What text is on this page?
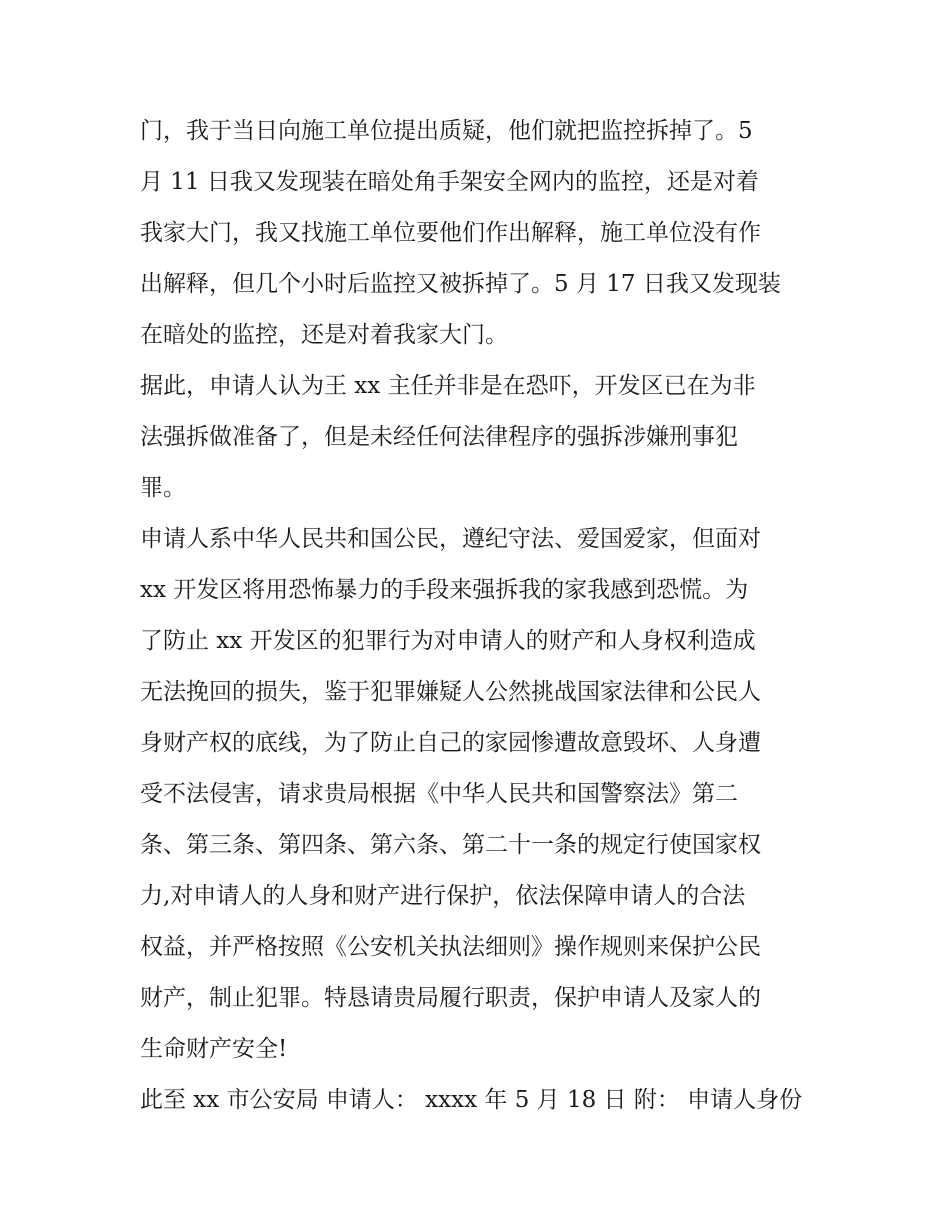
门，我于当日向施工单位提出质疑，他们就把监控拆掉了。5
月 11 日我又发现装在暗处角手架安全网内的监控，还是对着
我家大门，我又找施工单位要他们作出解释，施工单位没有作
出解释，但几个小时后监控又被拆掉了。5 月 17 日我又发现装
在暗处的监控，还是对着我家大门。
据此，申请人认为王 xx 主任并非是在恐吓，开发区已在为非
法强拆做准备了，但是未经任何法律程序的强拆涉嫌刑事犯
罪。
申请人系中华人民共和国公民，遵纪守法、爱国爱家，但面对
xx 开发区将用恐怖暴力的手段来强拆我的家我感到恐慌。为
了防止 xx 开发区的犯罪行为对申请人的财产和人身权利造成
无法挽回的损失，鉴于犯罪嫌疑人公然挑战国家法律和公民人
身财产权的底线，为了防止自己的家园惨遭故意毁坏、人身遭
受不法侵害，请求贵局根据《中华人民共和国警察法》第二
条、第三条、第四条、第六条、第二十一条的规定行使国家权
力,对申请人的人身和财产进行保护，依法保障申请人的合法
权益，并严格按照《公安机关执法细则》操作规则来保护公民
财产，制止犯罪。特恳请贵局履行职责，保护申请人及家人的
生命财产安全!
此至 xx 市公安局 申请人： xxxx 年 5 月 18 日 附： 申请人身份
